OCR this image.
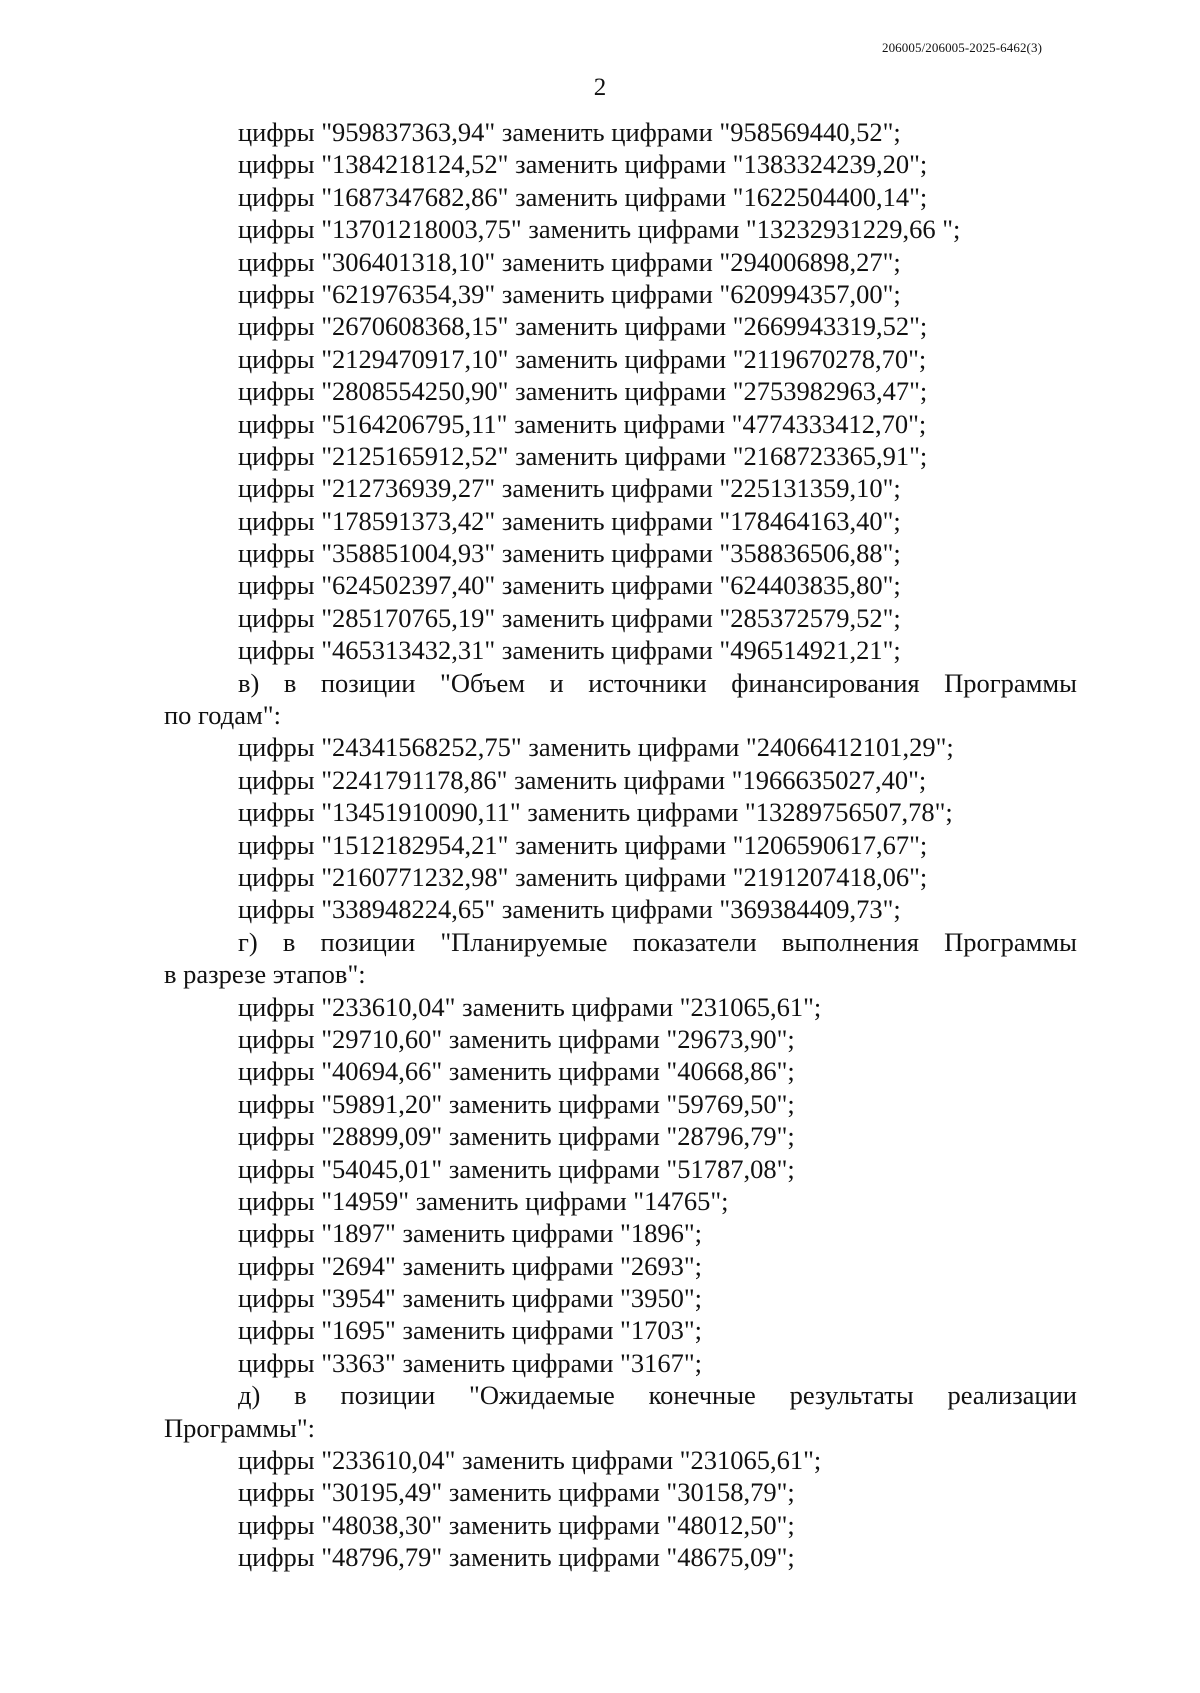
206005/206005-2025-6462(3)
2
цифры "959837363,94" заменить цифрами "958569440,52";
цифры "1384218124,52" заменить цифрами "1383324239,20";
цифры "1687347682,86" заменить цифрами "1622504400,14";
цифры "13701218003,75" заменить цифрами "13232931229,66 ";
цифры "306401318,10" заменить цифрами "294006898,27";
цифры "621976354,39" заменить цифрами "620994357,00";
цифры "2670608368,15" заменить цифрами "2669943319,52";
цифры "2129470917,10" заменить цифрами "2119670278,70";
цифры "2808554250,90" заменить цифрами "2753982963,47";
цифры "5164206795,11" заменить цифрами "4774333412,70";
цифры "2125165912,52" заменить цифрами "2168723365,91";
цифры "212736939,27" заменить цифрами "225131359,10";
цифры "178591373,42" заменить цифрами "178464163,40";
цифры "358851004,93" заменить цифрами "358836506,88";
цифры "624502397,40" заменить цифрами "624403835,80";
цифры "285170765,19" заменить цифрами "285372579,52";
цифры "465313432,31" заменить цифрами "496514921,21";
в) в позиции "Объем и источники финансирования Программы
по годам":
цифры "24341568252,75" заменить цифрами "24066412101,29";
цифры "2241791178,86" заменить цифрами "1966635027,40";
цифры "13451910090,11" заменить цифрами "13289756507,78";
цифры "1512182954,21" заменить цифрами "1206590617,67";
цифры "2160771232,98" заменить цифрами "2191207418,06";
цифры "338948224,65" заменить цифрами "369384409,73";
г) в позиции "Планируемые показатели выполнения Программы
в разрезе этапов":
цифры "233610,04" заменить цифрами "231065,61";
цифры "29710,60" заменить цифрами "29673,90";
цифры "40694,66" заменить цифрами "40668,86";
цифры "59891,20" заменить цифрами "59769,50";
цифры "28899,09" заменить цифрами "28796,79";
цифры "54045,01" заменить цифрами "51787,08";
цифры "14959" заменить цифрами "14765";
цифры "1897" заменить цифрами "1896";
цифры "2694" заменить цифрами "2693";
цифры "3954" заменить цифрами "3950";
цифры "1695" заменить цифрами "1703";
цифры "3363" заменить цифрами "3167";
д) в позиции "Ожидаемые конечные результаты реализации
Программы":
цифры "233610,04" заменить цифрами "231065,61";
цифры "30195,49" заменить цифрами "30158,79";
цифры "48038,30" заменить цифрами "48012,50";
цифры "48796,79" заменить цифрами "48675,09";
